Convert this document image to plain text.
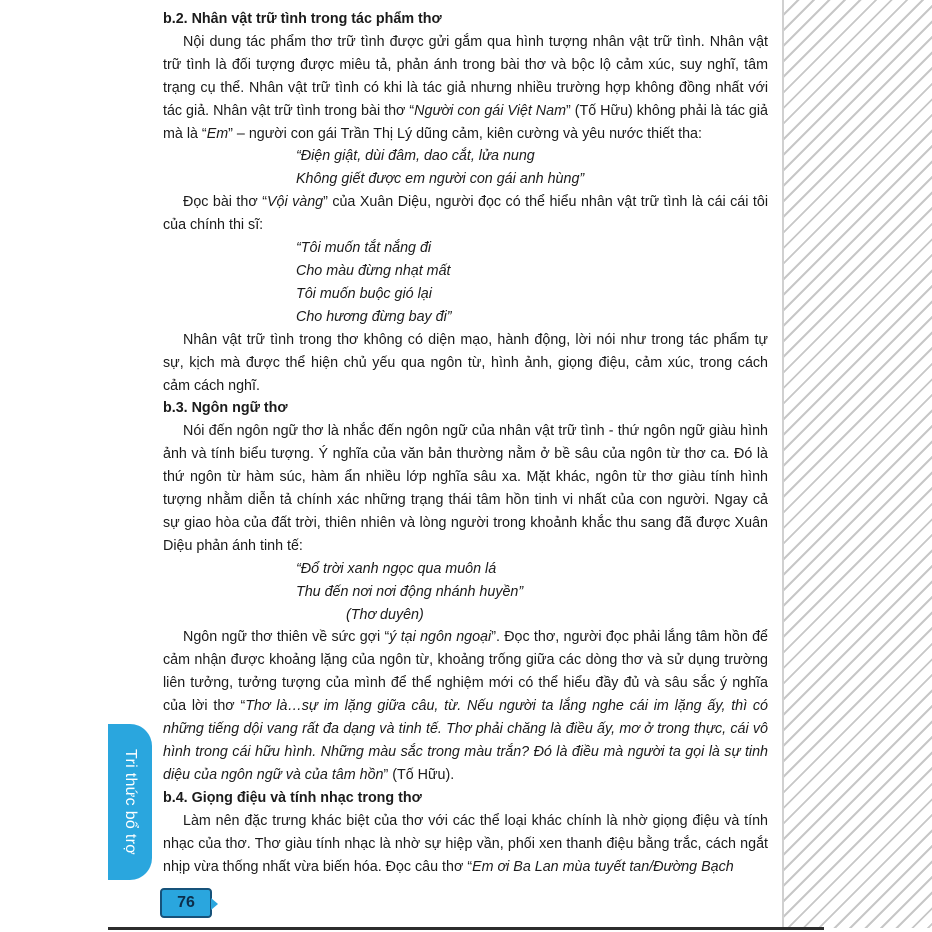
b.2. Nhân vật trữ tình trong tác phẩm thơ

Nội dung tác phẩm thơ trữ tình được gửi gắm qua hình tượng nhân vật trữ tình. Nhân vật trữ tình là đối tượng được miêu tả, phản ánh trong bài thơ và bộc lộ cảm xúc, suy nghĩ, tâm trạng cụ thể. Nhân vật trữ tình có khi là tác giả nhưng nhiều trường hợp không đồng nhất với tác giả. Nhân vật trữ tình trong bài thơ “Người con gái Việt Nam” (Tố Hữu) không phải là tác giả mà là “Em” – người con gái Trần Thị Lý dũng cảm, kiên cường và yêu nước thiết tha:

“Điện giật, dùi đâm, dao cắt, lửa nung

Không giết được em người con gái anh hùng”

Đọc bài thơ “Vội vàng” của Xuân Diệu, người đọc có thể hiểu nhân vật trữ tình là cái cái tôi của chính thi sĩ:

“Tôi muốn tắt nắng đi

Cho màu đừng nhạt mất

Tôi muốn buộc gió lại

Cho hương đừng bay đi”

Nhân vật trữ tình trong thơ không có diện mạo, hành động, lời nói như trong tác phẩm tự sự, kịch mà được thể hiện chủ yếu qua ngôn từ, hình ảnh, giọng điệu, cảm xúc, trong cách cảm cách nghĩ.

b.3. Ngôn ngữ thơ

Nói đến ngôn ngữ thơ là nhắc đến ngôn ngữ của nhân vật trữ tình - thứ ngôn ngữ giàu hình ảnh và tính biểu tượng. Ý nghĩa của văn bản thường nằm ở bề sâu của ngôn từ thơ ca. Đó là thứ ngôn từ hàm súc, hàm ẩn nhiều lớp nghĩa sâu xa. Mặt khác, ngôn từ thơ giàu tính hình tượng nhằm diễn tả chính xác những trạng thái tâm hồn tinh vi nhất của con người. Ngay cả sự giao hòa của đất trời, thiên nhiên và lòng người trong khoảnh khắc thu sang đã được Xuân Diệu phản ánh tinh tế:

“Đổ trời xanh ngọc qua muôn lá

Thu đến nơi nơi động nhánh huyền”

(Thơ duyên)

Ngôn ngữ thơ thiên về sức gợi “ý tại ngôn ngoại”. Đọc thơ, người đọc phải lắng tâm hồn để cảm nhận được khoảng lặng của ngôn từ, khoảng trống giữa các dòng thơ và sử dụng trường liên tưởng, tưởng tượng của mình để thể nghiệm mới có thể hiểu đầy đủ và sâu sắc ý nghĩa của lời thơ “Thơ là…sự im lặng giữa câu, từ. Nếu người ta lắng nghe cái im lặng ấy, thì có những tiếng dội vang rất đa dạng và tinh tế. Thơ phải chăng là điều ấy, mơ ở trong thực, cái vô hình trong cái hữu hình. Những màu sắc trong màu trắn? Đó là điều mà người ta gọi là sự tinh diệu của ngôn ngữ và của tâm hồn” (Tố Hữu).

b.4. Giọng điệu và tính nhạc trong thơ

Làm nên đặc trưng khác biệt của thơ với các thể loại khác chính là nhờ giọng điệu và tính nhạc của thơ. Thơ giàu tính nhạc là nhờ sự hiệp vần, phối xen thanh điệu bằng trắc, cách ngắt nhịp vừa thống nhất vừa biến hóa. Đọc câu thơ “Em ơi Ba Lan mùa tuyết tan/Đường Bạch

Tri thức bổ trợ
76
